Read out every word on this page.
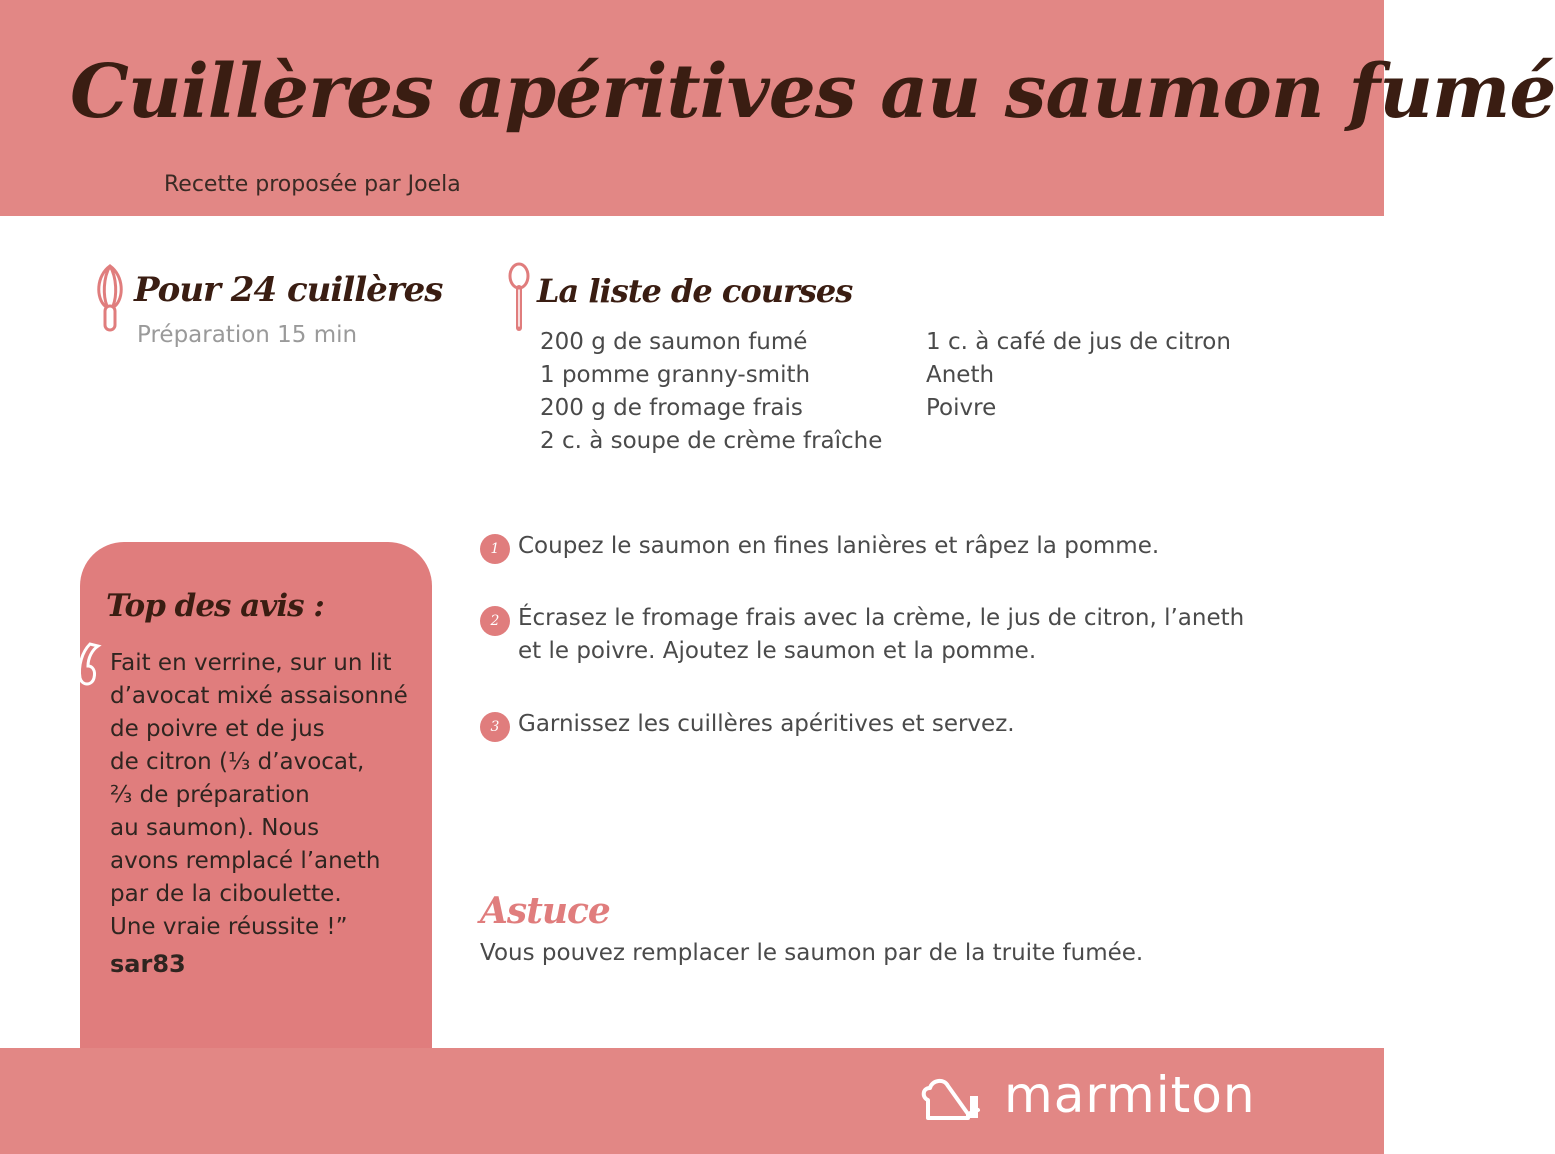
Cuillères apéritives au saumon fumé
Recette proposée par Joela
Pour 24 cuillères
Préparation 15 min
La liste de courses
200 g de saumon fumé
1 pomme granny-smith
200 g de fromage frais
2 c. à soupe de crème fraîche
1 c. à café de jus de citron
Aneth
Poivre
Top des avis :
Fait en verrine, sur un lit
d’avocat mixé assaisonné
de poivre et de jus
de citron (⅓ d’avocat,
⅔ de préparation
au saumon). Nous
avons remplacé l’aneth
par de la ciboulette.
Une vraie réussite !”
sar83
1 Coupez le saumon en fines lanières et râpez la pomme.
2 Écrasez le fromage frais avec la crème, le jus de citron, l’aneth
et le poivre. Ajoutez le saumon et la pomme.
3 Garnissez les cuillères apéritives et servez.
Astuce
Vous pouvez remplacer le saumon par de la truite fumée.
marmiton
